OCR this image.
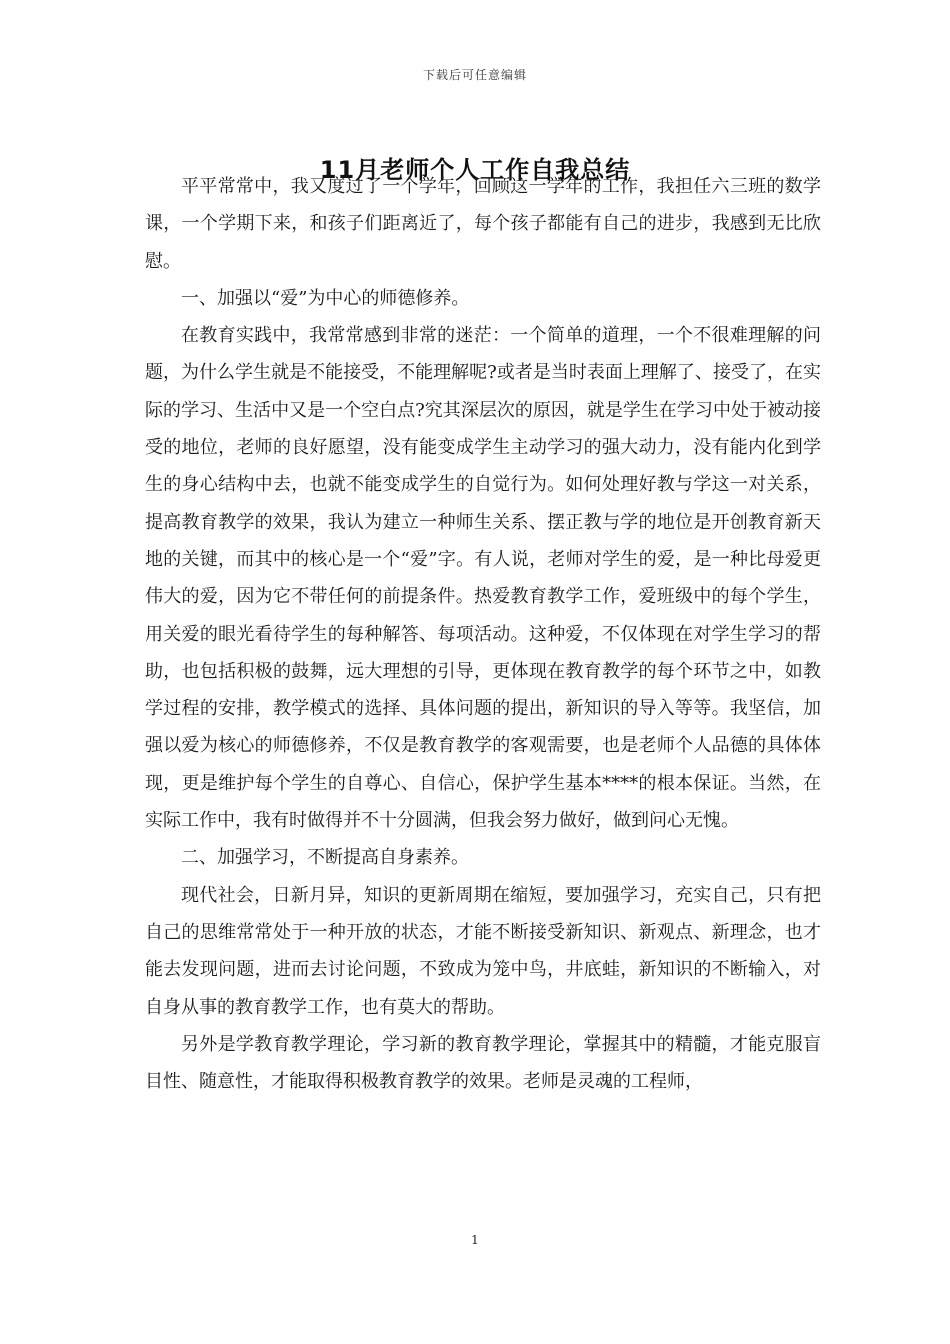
下载后可任意编辑
11月老师个人工作自我总结

平平常常中，我又度过了一个学年，回顾这一学年的工作，我担任六三班的数学课，一个学期下来，和孩子们距离近了，每个孩子都能有自己的进步，我感到无比欣慰。

一、加强以“爱”为中心的师德修养。

在教育实践中，我常常感到非常的迷茫：一个简单的道理，一个不很难理解的问题，为什么学生就是不能接受，不能理解呢?或者是当时表面上理解了、接受了，在实际的学习、生活中又是一个空白点?究其深层次的原因，就是学生在学习中处于被动接受的地位，老师的良好愿望，没有能变成学生主动学习的强大动力，没有能内化到学生的身心结构中去，也就不能变成学生的自觉行为。如何处理好教与学这一对关系，提高教育教学的效果，我认为建立一种师生关系、摆正教与学的地位是开创教育新天地的关键，而其中的核心是一个“爱”字。有人说，老师对学生的爱，是一种比母爱更伟大的爱，因为它不带任何的前提条件。热爱教育教学工作，爱班级中的每个学生，用关爱的眼光看待学生的每种解答、每项活动。这种爱，不仅体现在对学生学习的帮助，也包括积极的鼓舞，远大理想的引导，更体现在教育教学的每个环节之中，如教学过程的安排，教学模式的选择、具体问题的提出，新知识的导入等等。我坚信，加强以爱为核心的师德修养，不仅是教育教学的客观需要，也是老师个人品德的具体体现，更是维护每个学生的自尊心、自信心，保护学生基本****的根本保证。当然，在实际工作中，我有时做得并不十分圆满，但我会努力做好，做到问心无愧。

二、加强学习，不断提高自身素养。

现代社会，日新月异，知识的更新周期在缩短，要加强学习，充实自己，只有把自己的思维常常处于一种开放的状态，才能不断接受新知识、新观点、新理念，也才能去发现问题，进而去讨论问题，不致成为笼中鸟，井底蛙，新知识的不断输入，对自身从事的教育教学工作，也有莫大的帮助。

另外是学教育教学理论，学习新的教育教学理论，掌握其中的精髓，才能克服盲目性、随意性，才能取得积极教育教学的效果。老师是灵魂的工程师，

1
